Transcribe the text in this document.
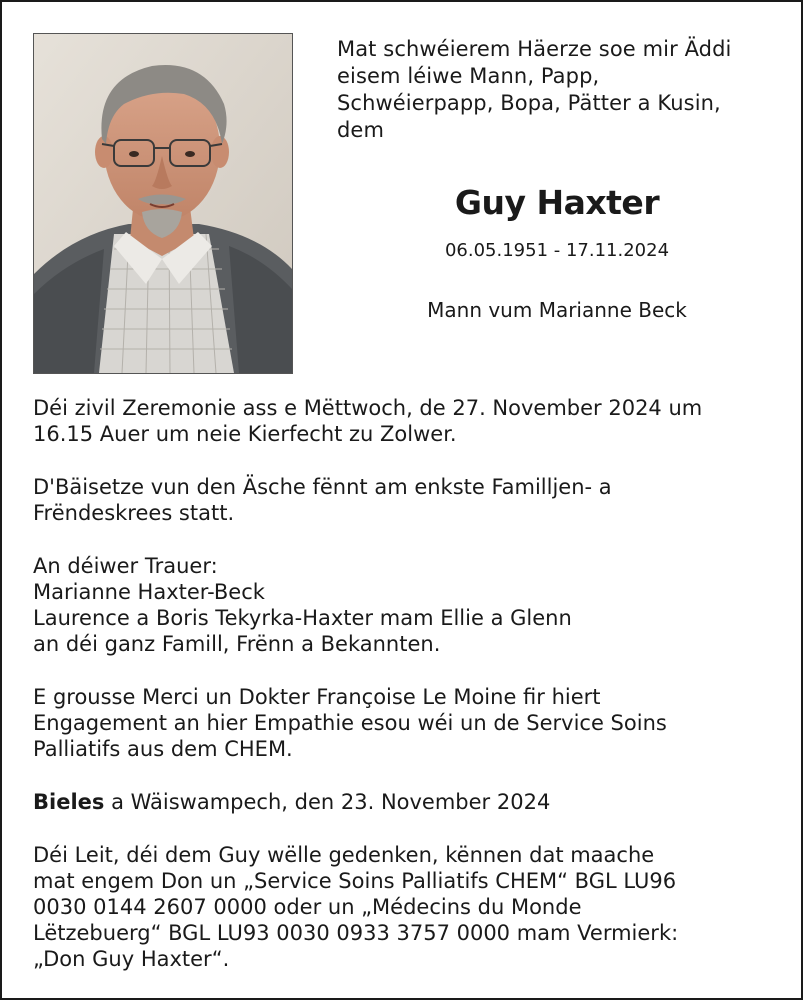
Mat schwéierem Häerze soe mir Äddi
eisem léiwe Mann, Papp,
Schwéierpapp, Bopa, Pätter a Kusin,
dem
Guy Haxter
06.05.1951 - 17.11.2024
Mann vum Marianne Beck
Déi zivil Zeremonie ass e Mëttwoch, de 27. November 2024 um
16.15 Auer um neie Kierfecht zu Zolwer.
D'Bäisetze vun den Äsche fënnt am enkste Familljen- a
Frëndeskrees statt.
An déiwer Trauer:
Marianne Haxter-Beck
Laurence a Boris Tekyrka-Haxter mam Ellie a Glenn
an déi ganz Famill, Frënn a Bekannten.
E grousse Merci un Dokter Françoise Le Moine fir hiert
Engagement an hier Empathie esou wéi un de Service Soins
Palliatifs aus dem CHEM.
Bieles a Wäiswampech, den 23. November 2024
Déi Leit, déi dem Guy wëlle gedenken, kënnen dat maache
mat engem Don un „Service Soins Palliatifs CHEM“ BGL LU96
0030 0144 2607 0000 oder un „Médecins du Monde
Lëtzebuerg“ BGL LU93 0030 0933 3757 0000 mam Vermierk:
„Don Guy Haxter“.
